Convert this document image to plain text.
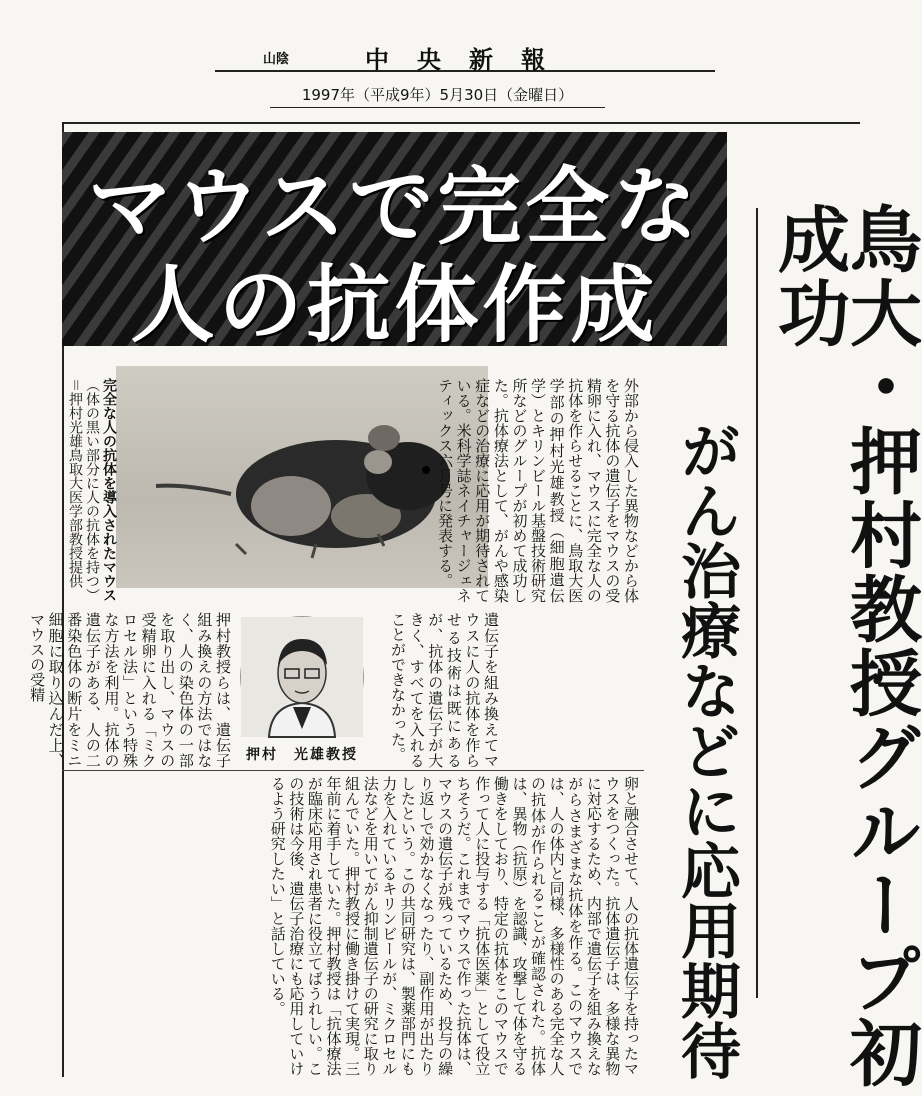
山陰	中央新報
1997年（平成9年）5月30日（金曜日）
マウスで完全な
人の抗体作成	鳥大・押村教授グループ初成功
がん治療などに応用期待
完全な人の抗体を導入されたマウス
（体の黒い部分に人の抗体を持つ）
＝押村光雄鳥取大医学部教授提供	外部から侵入した異物などから体を守る抗体の遺伝子をマウスの受精卵に入れ、マウスに完全な人の抗体を作らせることに、鳥取大医学部の押村光雄教授（細胞遺伝学）とキリンビール基盤技術研究所などのグループが初めて成功した。抗体療法として、がんや感染症などの治療に応用が期待されている。米科学誌ネイチャージェネティックス六月号に発表する。
遺伝子を組み換えてマウスに人の抗体を作らせる技術は既にあるが、抗体の遺伝子が大きく、すべてを入れることができなかった。
押村　光雄教授
押村教授らは、遺伝子組み換えの方法ではなく、人の染色体の一部を取り出し、マウスの受精卵に入れる「ミクロセル法」という特殊な方法を利用。抗体の遺伝子がある、人の二番染色体の断片をミニ細胞に取り込んだ上、マウスの受精
卵と融合させて、人の抗体遺伝子を持ったマウスをつくった。抗体遺伝子は、多様な異物に対応するため、内部で遺伝子を組み換えながらさまざまな抗体を作る。このマウスでは、人の体内と同様、多様性のある完全な人の抗体が作られることが確認された。抗体は、異物（抗原）を認識、攻撃して体を守る働きをしており、特定の抗体をこのマウスで作って人に投与する「抗体医薬」として役立ちそうだ。これまでマウスで作った抗体は、マウスの遺伝子が残っているため、投与の繰り返しで効かなくなったり、副作用が出たりしたという。この共同研究は、製薬部門にも力を入れているキリンビールが、ミクロセル法などを用いてがん抑制遺伝子の研究に取り組んでいた。押村教授に働き掛けて実現。三年前に着手していた。押村教授は「抗体療法が臨床応用され患者に役立てばうれしい。この技術は今後、遺伝子治療にも応用していけるよう研究したい」と話している。
